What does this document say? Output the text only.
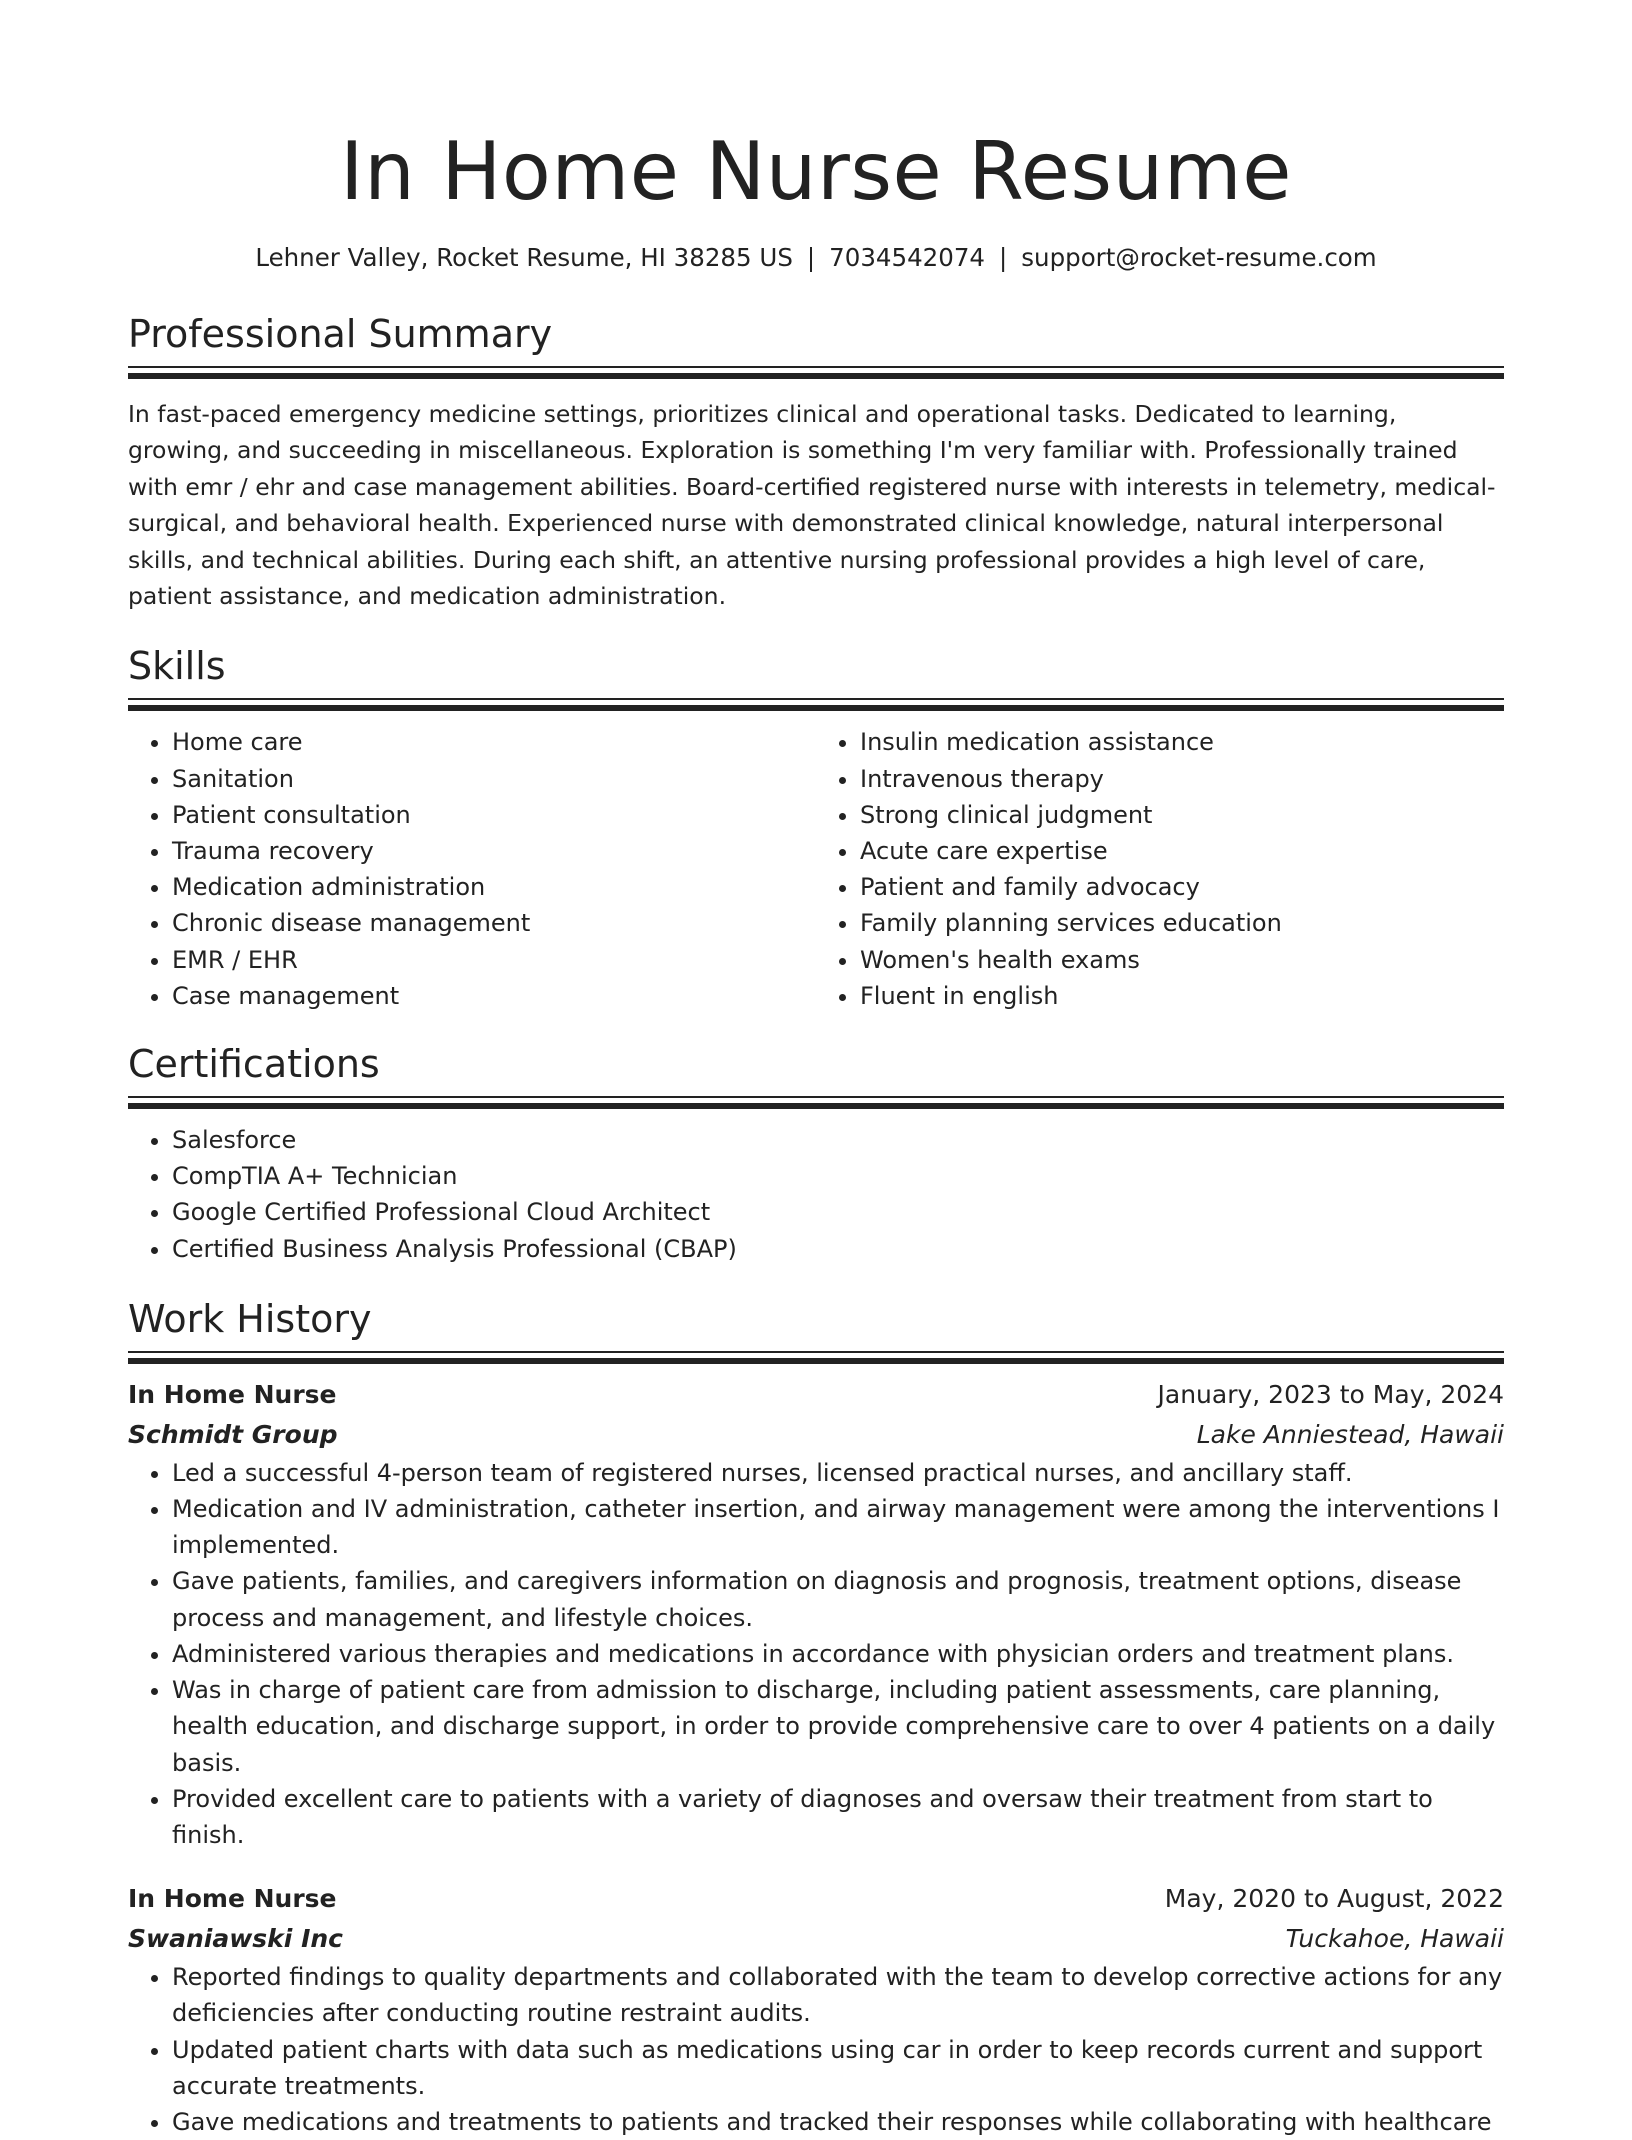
In Home Nurse Resume
Lehner Valley, Rocket Resume, HI 38285 US | 7034542074 | support@rocket-resume.com
Professional Summary

In fast-paced emergency medicine settings, prioritizes clinical and operational tasks. Dedicated to learning, growing, and succeeding in miscellaneous. Exploration is something I'm very familiar with. Professionally trained with emr / ehr and case management abilities. Board-certified registered nurse with interests in telemetry, medical-surgical, and behavioral health. Experienced nurse with demonstrated clinical knowledge, natural interpersonal skills, and technical abilities. During each shift, an attentive nursing professional provides a high level of care, patient assistance, and medication administration.

Skills
• Home care
• Sanitation
• Patient consultation
• Trauma recovery
• Medication administration
• Chronic disease management
• EMR / EHR
• Case management
• Insulin medication assistance
• Intravenous therapy
• Strong clinical judgment
• Acute care expertise
• Patient and family advocacy
• Family planning services education
• Women's health exams
• Fluent in english
Certifications
• Salesforce
• CompTIA A+ Technician
• Google Certified Professional Cloud Architect
• Certified Business Analysis Professional (CBAP)
Work History
In Home Nurse	January, 2023 to May, 2024
Schmidt Group	Lake Anniestead, Hawaii
• Led a successful 4-person team of registered nurses, licensed practical nurses, and ancillary staff.
• Medication and IV administration, catheter insertion, and airway management were among the interventions I implemented.
• Gave patients, families, and caregivers information on diagnosis and prognosis, treatment options, disease process and management, and lifestyle choices.
• Administered various therapies and medications in accordance with physician orders and treatment plans.
• Was in charge of patient care from admission to discharge, including patient assessments, care planning, health education, and discharge support, in order to provide comprehensive care to over 4 patients on a daily basis.
• Provided excellent care to patients with a variety of diagnoses and oversaw their treatment from start to finish.
In Home Nurse	May, 2020 to August, 2022
Swaniawski Inc	Tuckahoe, Hawaii
• Reported findings to quality departments and collaborated with the team to develop corrective actions for any deficiencies after conducting routine restraint audits.
• Updated patient charts with data such as medications using car in order to keep records current and support accurate treatments.
• Gave medications and treatments to patients and tracked their responses while collaborating with healthcare
